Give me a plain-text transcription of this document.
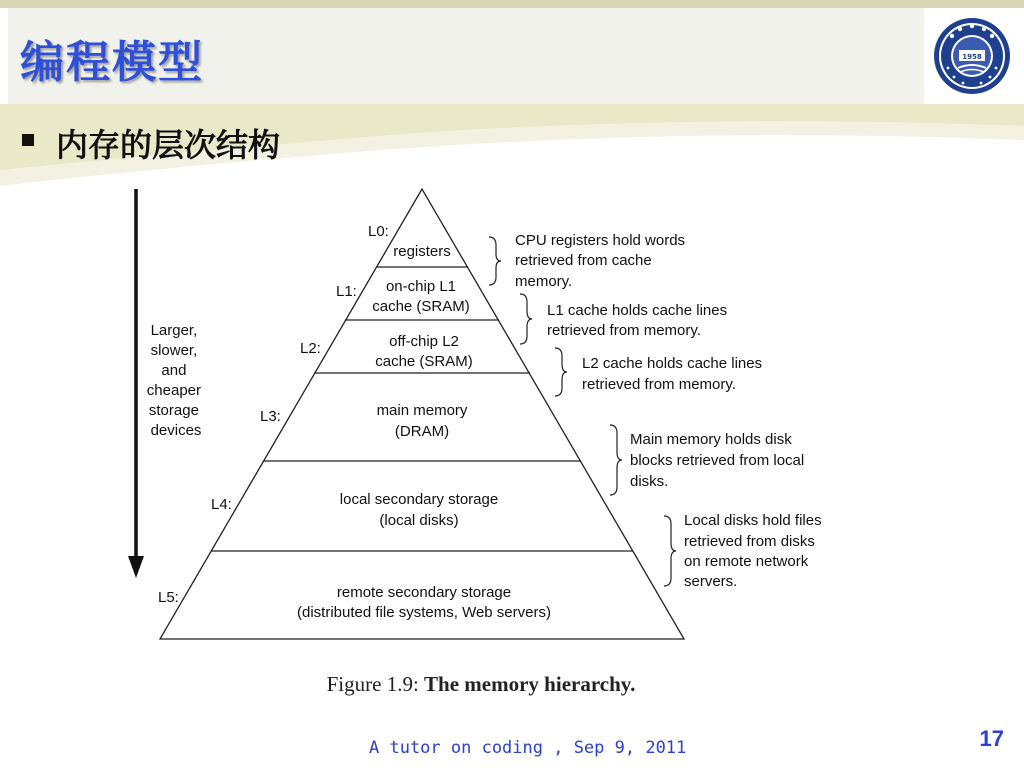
编程模型	1958
内存的层次结构
Larger, slower, and cheaper storage devices
L0:
L1:
L2:
L3:
L4:
L5:
registers
on-chip L1
cache (SRAM)
off-chip L2
cache (SRAM)
main memory
(DRAM)
local secondary storage
(local disks)
remote secondary storage
(distributed file systems, Web servers)
CPU registers hold words retrieved from cache memory.
L1 cache holds cache lines retrieved from memory.
L2 cache holds cache lines retrieved from memory.
Main memory holds disk blocks retrieved from local disks.
Local disks hold files retrieved from disks on remote network servers.
Figure 1.9: The memory hierarchy.
A tutor on coding , Sep 9, 2011	17
